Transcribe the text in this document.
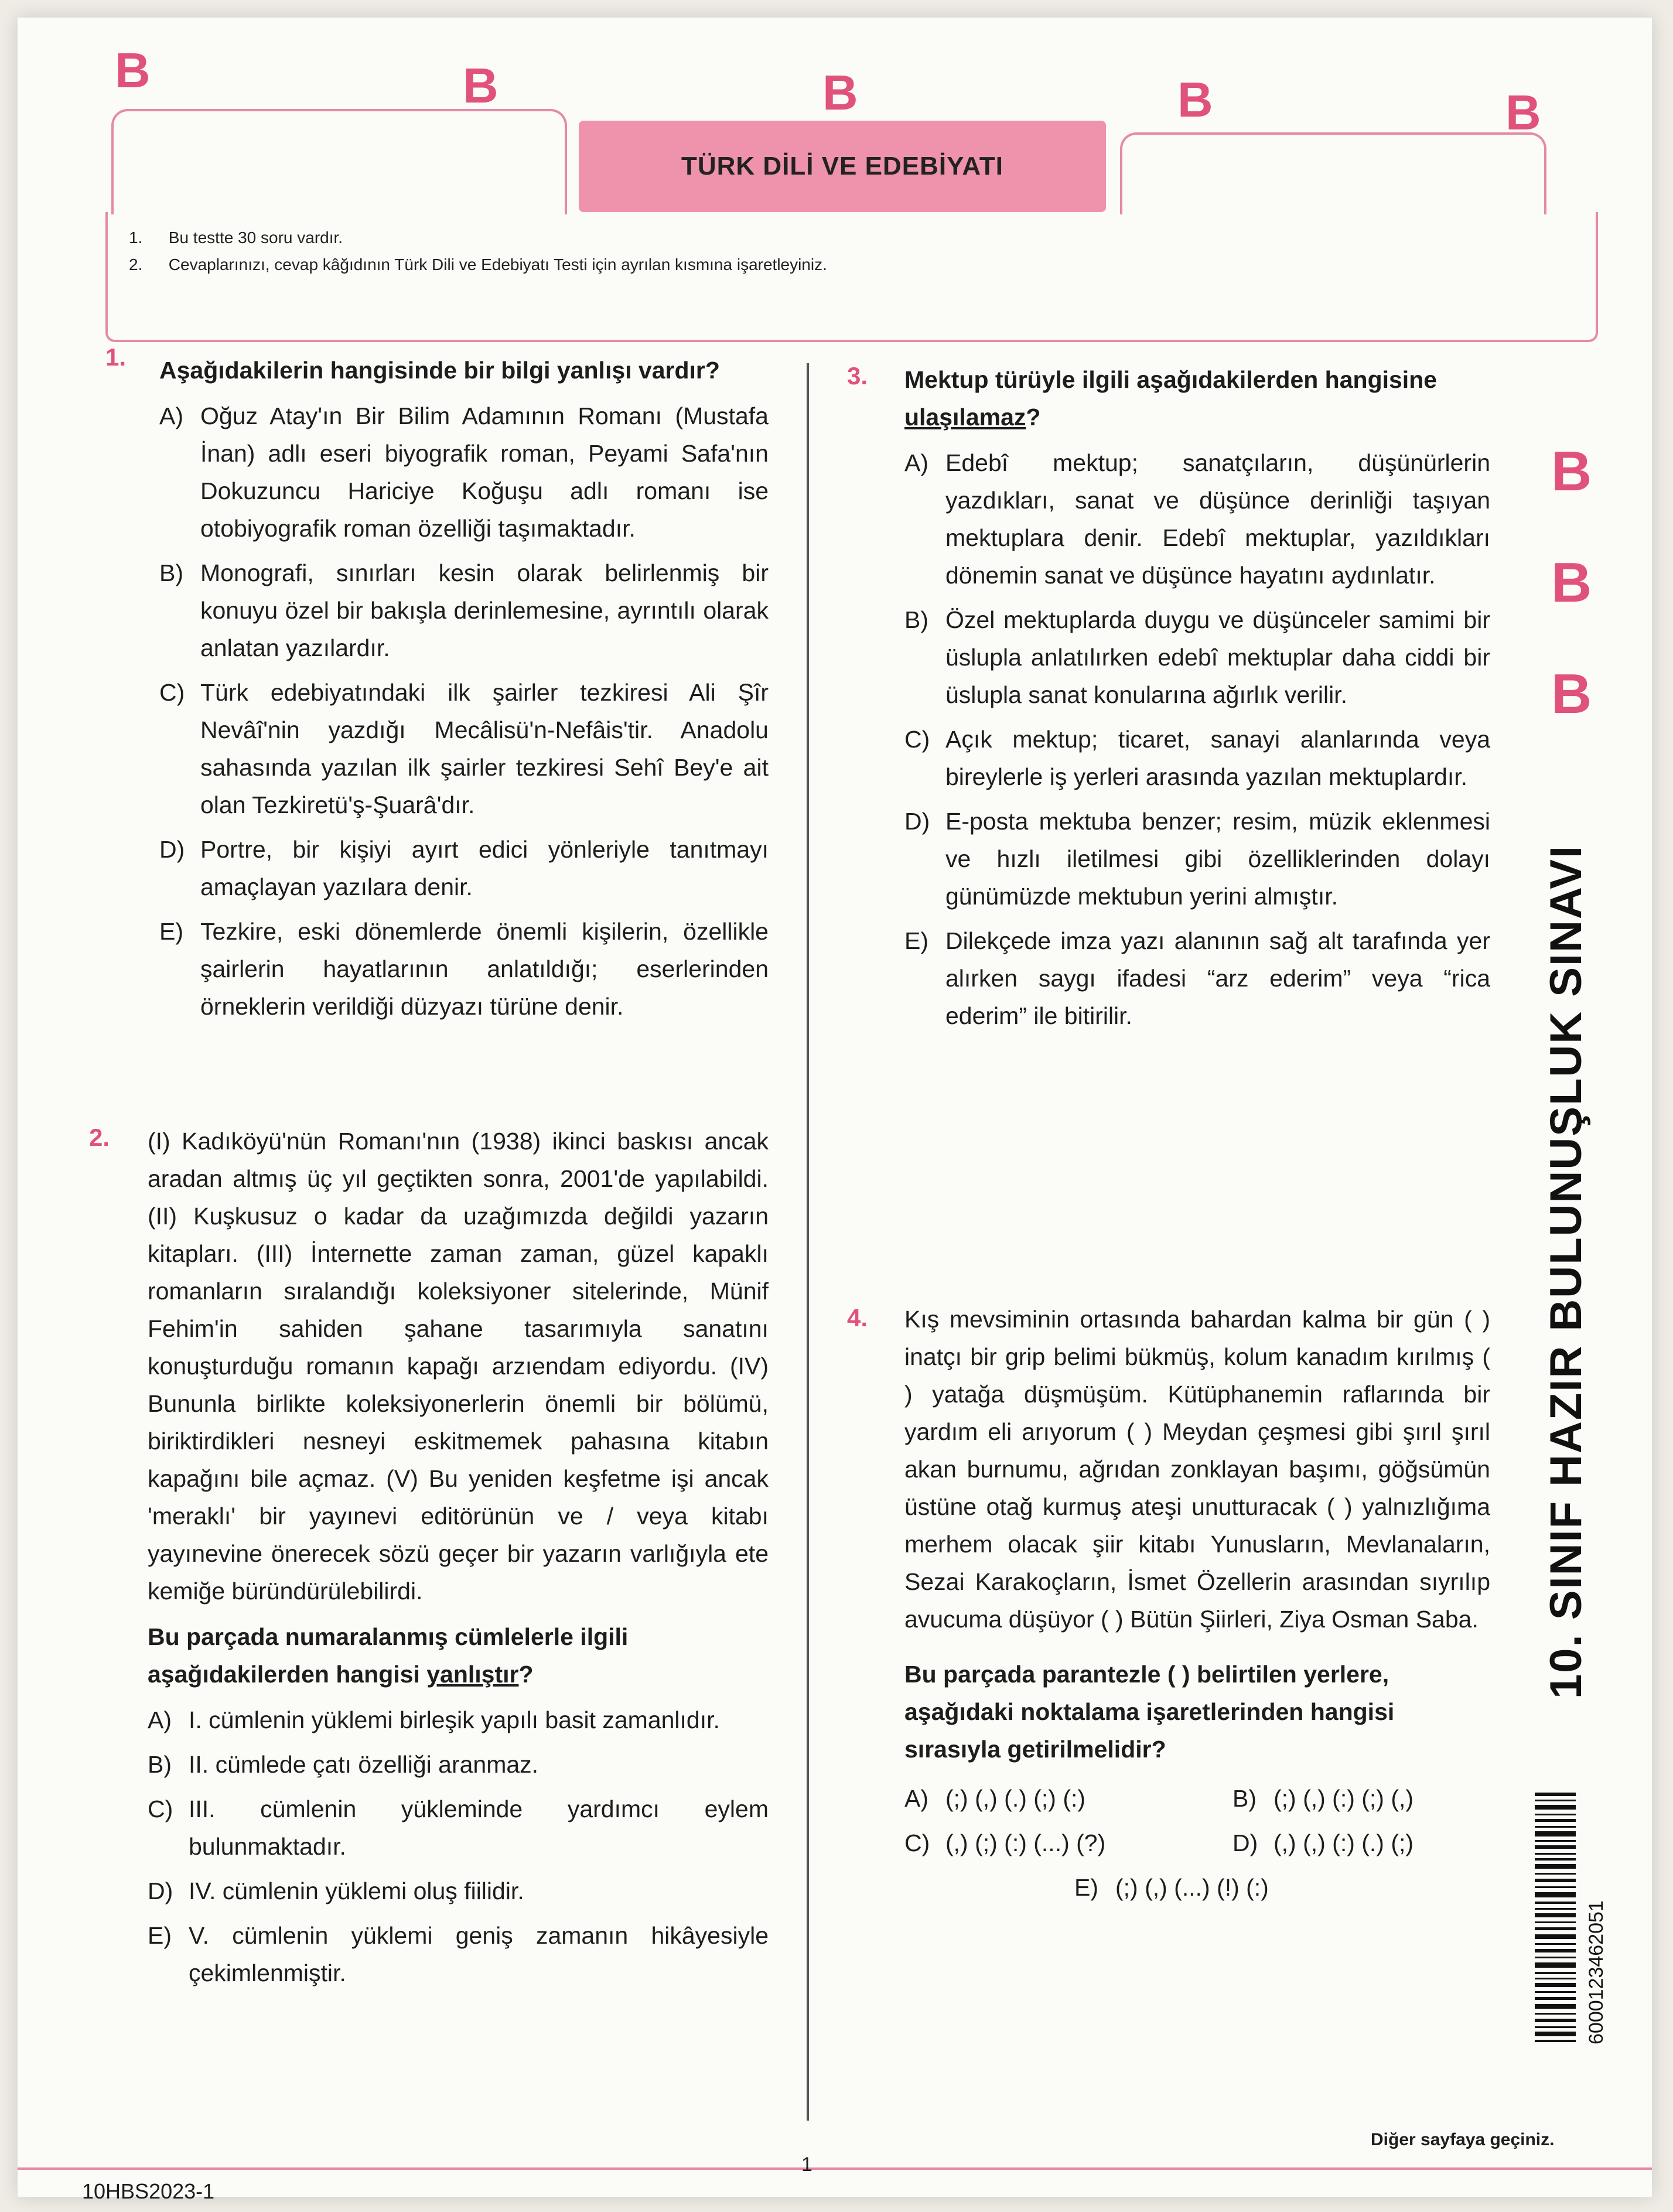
B	B	B	B	B
TÜRK DİLİ VE EDEBİYATI
1. Bu testte 30 soru vardır.
2. Cevaplarınızı, cevap kâğıdının Türk Dili ve Edebiyatı Testi için ayrılan kısmına işaretleyiniz.
1. Aşağıdakilerin hangisinde bir bilgi yanlışı vardır?
A) Oğuz Atay'ın Bir Bilim Adamının Romanı (Mustafa İnan) adlı eseri biyografik roman, Peyami Safa'nın Dokuzuncu Hariciye Koğuşu adlı romanı ise otobiyografik roman özelliği taşımaktadır.
B) Monografi, sınırları kesin olarak belirlenmiş bir konuyu özel bir bakışla derinlemesine, ayrıntılı olarak anlatan yazılardır.
C) Türk edebiyatındaki ilk şairler tezkiresi Ali Şîr Nevâî'nin yazdığı Mecâlisü'n-Nefâis'tir. Anadolu sahasında yazılan ilk şairler tezkiresi Sehî Bey'e ait olan Tezkiretü'ş-Şuarâ'dır.
D) Portre, bir kişiyi ayırt edici yönleriyle tanıtmayı amaçlayan yazılara denir.
E) Tezkire, eski dönemlerde önemli kişilerin, özellikle şairlerin hayatlarının anlatıldığı; eserlerinden örneklerin verildiği düzyazı türüne denir.
2. (I) Kadıköyü'nün Romanı'nın (1938) ikinci baskısı ancak aradan altmış üç yıl geçtikten sonra, 2001'de yapılabildi. (II) Kuşkusuz o kadar da uzağımızda değildi yazarın kitapları. (III) İnternette zaman zaman, güzel kapaklı romanların sıralandığı koleksiyoner sitelerinde, Münif Fehim'in sahiden şahane tasarımıyla sanatını konuşturduğu romanın kapağı arzıendam ediyordu. (IV) Bununla birlikte koleksiyonerlerin önemli bir bölümü, biriktirdikleri nesneyi eskitmemek pahasına kitabın kapağını bile açmaz. (V) Bu yeniden keşfetme işi ancak 'meraklı' bir yayınevi editörünün ve / veya kitabı yayınevine önerecek sözü geçer bir yazarın varlığıyla ete kemiğe büründürülebilirdi.
Bu parçada numaralanmış cümlelerle ilgili aşağıdakilerden hangisi yanlıştır?
A) I. cümlenin yüklemi birleşik yapılı basit zamanlıdır.
B) II. cümlede çatı özelliği aranmaz.
C) III. cümlenin yükleminde yardımcı eylem bulunmaktadır.
D) IV. cümlenin yüklemi oluş fiilidir.
E) V. cümlenin yüklemi geniş zamanın hikâyesiyle çekimlenmiştir.
3. Mektup türüyle ilgili aşağıdakilerden hangisine ulaşılamaz?
A) Edebî mektup; sanatçıların, düşünürlerin yazdıkları, sanat ve düşünce derinliği taşıyan mektuplara denir. Edebî mektuplar, yazıldıkları dönemin sanat ve düşünce hayatını aydınlatır.
B) Özel mektuplarda duygu ve düşünceler samimi bir üslupla anlatılırken edebî mektuplar daha ciddi bir üslupla sanat konularına ağırlık verilir.
C) Açık mektup; ticaret, sanayi alanlarında veya bireylerle iş yerleri arasında yazılan mektuplardır.
D) E-posta mektuba benzer; resim, müzik eklenmesi ve hızlı iletilmesi gibi özelliklerinden dolayı günümüzde mektubun yerini almıştır.
E) Dilekçede imza yazı alanının sağ alt tarafında yer alırken saygı ifadesi “arz ederim” veya “rica ederim” ile bitirilir.
4. Kış mevsiminin ortasında bahardan kalma bir gün ( ) inatçı bir grip belimi bükmüş, kolum kanadım kırılmış ( ) yatağa düşmüşüm. Kütüphanemin raflarında bir yardım eli arıyorum ( ) Meydan çeşmesi gibi şırıl şırıl akan burnumu, ağrıdan zonklayan başımı, göğsümün üstüne otağ kurmuş ateşi unutturacak ( ) yalnızlığıma merhem olacak şiir kitabı Yunusların, Mevlanaların, Sezai Karakoçların, İsmet Özellerin arasından sıyrılıp avucuma düşüyor ( ) Bütün Şiirleri, Ziya Osman Saba.
Bu parçada parantezle ( ) belirtilen yerlere, aşağıdaki noktalama işaretlerinden hangisi sırasıyla getirilmelidir?
A) (;) (,) (.) (;) (:)	B) (;) (,) (:) (;) (,)
C) (,) (;) (:) (...) (?)	D) (,) (,) (:) (.) (;)
E) (;) (,) (...) (!) (:)
B
B
B
10. SINIF HAZIR BULUNUŞLUK SINAVI
6000123462051
10HBS2023-1
1
Diğer sayfaya geçiniz.
